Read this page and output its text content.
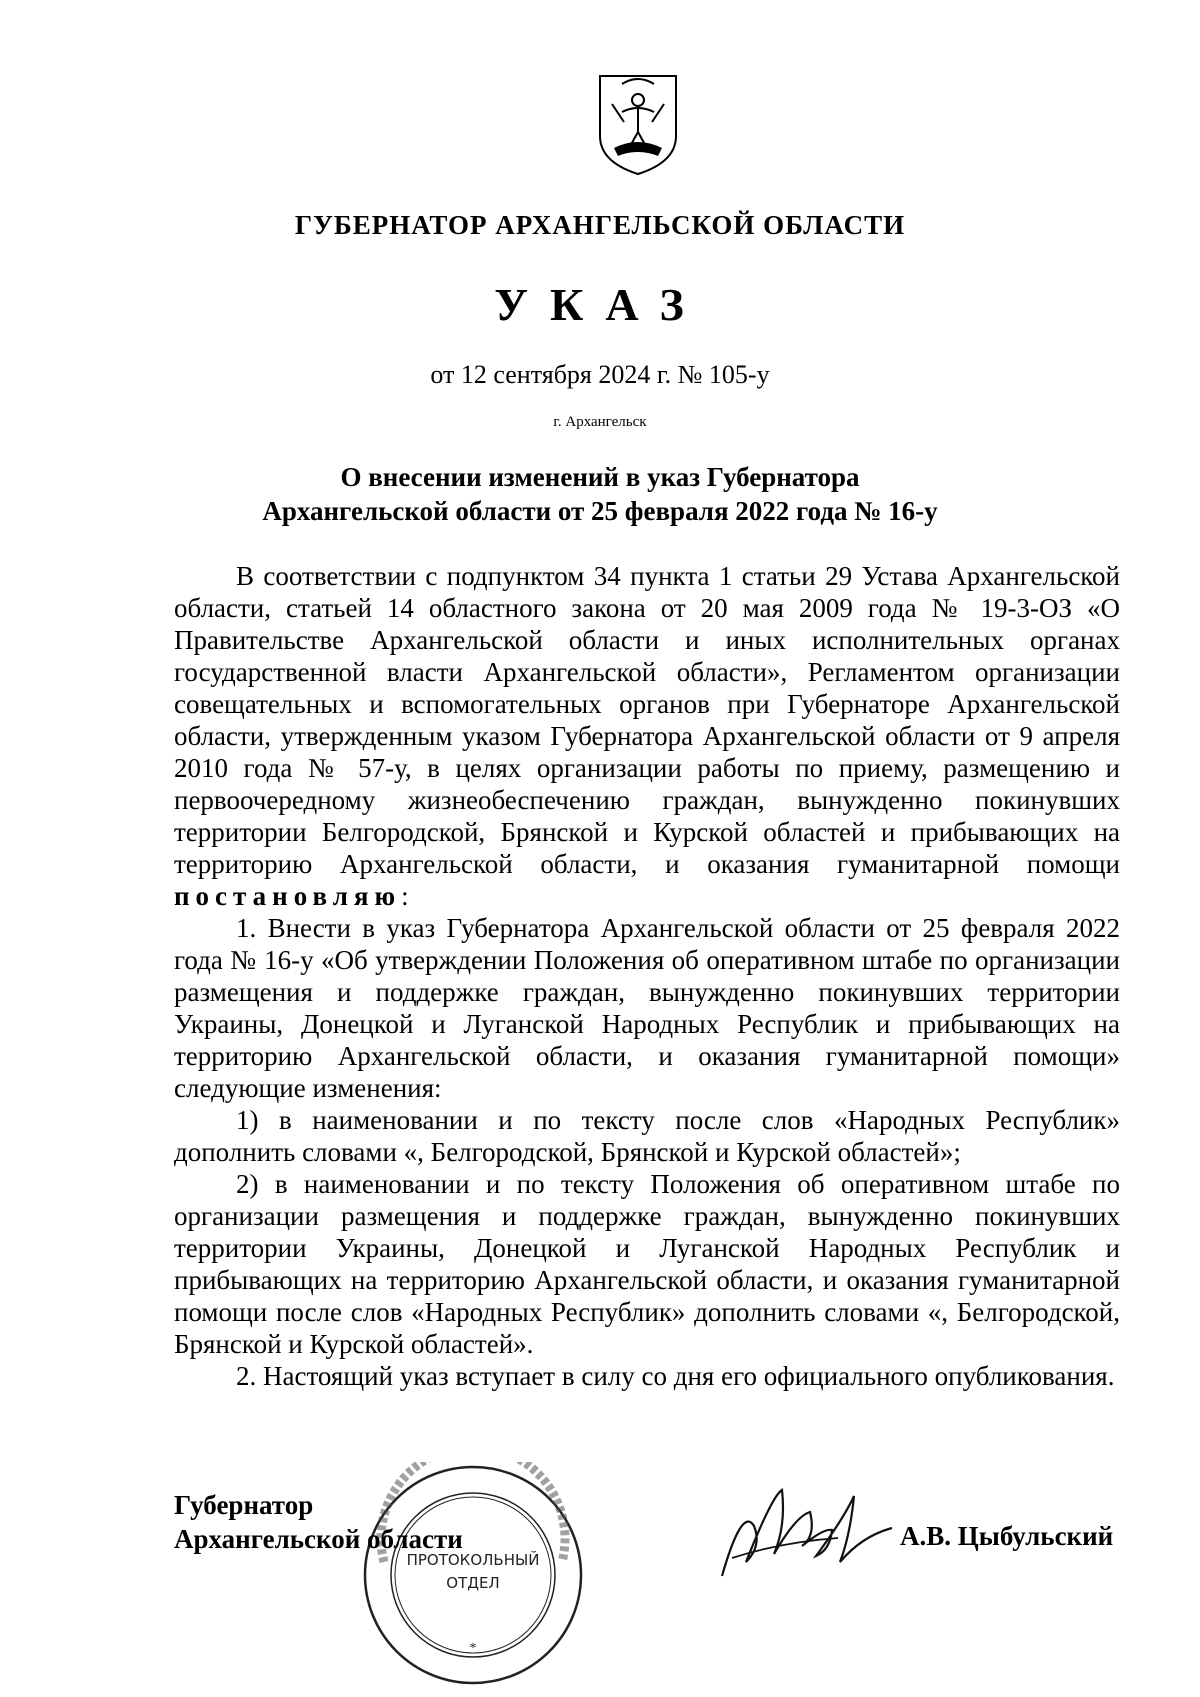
ГУБЕРНАТОР АРХАНГЕЛЬСКОЙ ОБЛАСТИ
УКАЗ
от 12 сентября 2024 г. № 105-у
г. Архангельск
О внесении изменений в указ Губернатора
Архангельской области от 25 февраля 2022 года № 16-у

В соответствии с подпунктом 34 пункта 1 статьи 29 Устава Архангельской области, статьей 14 областного закона от 20 мая 2009 года № 19-3-ОЗ «О Правительстве Архангельской области и иных исполнительных органах государственной власти Архангельской области», Регламентом организации совещательных и вспомогательных органов при Губернаторе Архангельской области, утвержденным указом Губернатора Архангельской области от 9 апреля 2010 года № 57-у, в целях организации работы по приему, размещению и первоочередному жизнеобеспечению граждан, вынужденно покинувших территории Белгородской, Брянской и Курской областей и прибывающих на территорию Архангельской области, и оказания гуманитарной помощи постановляю:

1. Внести в указ Губернатора Архангельской области от 25 февраля 2022 года № 16-у «Об утверждении Положения об оперативном штабе по организации размещения и поддержке граждан, вынужденно покинувших территории Украины, Донецкой и Луганской Народных Республик и прибывающих на территорию Архангельской области, и оказания гуманитарной помощи» следующие изменения:

1) в наименовании и по тексту после слов «Народных Республик» дополнить словами «, Белгородской, Брянской и Курской областей»;

2) в наименовании и по тексту Положения об оперативном штабе по организации размещения и поддержке граждан, вынужденно покинувших территории Украины, Донецкой и Луганской Народных Республик и прибывающих на территорию Архангельской области, и оказания гуманитарной помощи после слов «Народных Республик» дополнить словами «, Белгородской, Брянской и Курской областей».

2. Настоящий указ вступает в силу со дня его официального опубликования.

ПРОТОКОЛЬНЫЙ
ОТДЕЛ
*
Губернатор
Архангельской области	А.В. Цыбульский
